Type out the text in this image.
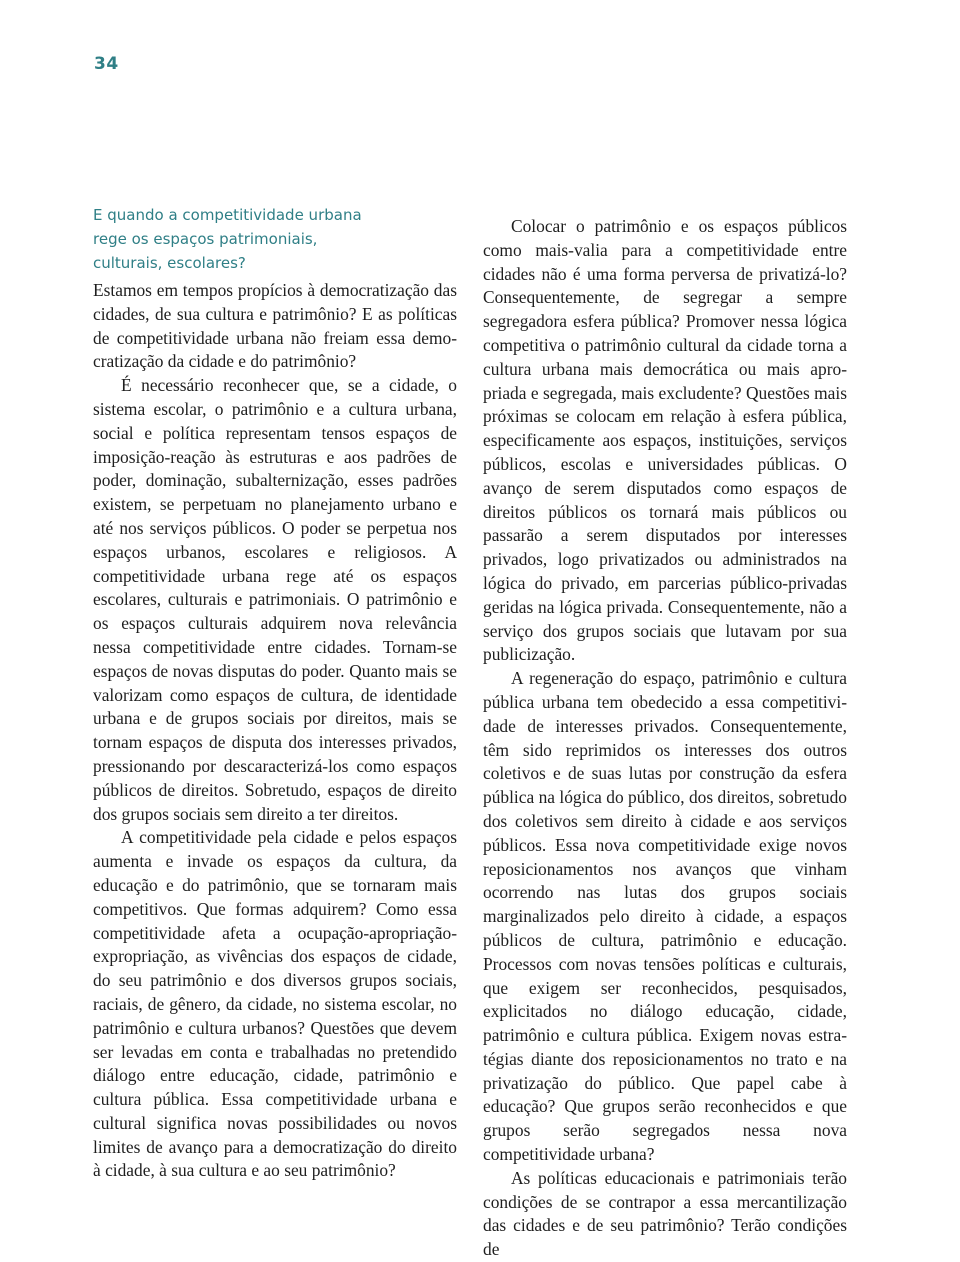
34
E quando a competitividade urbana rege os espaços patrimoniais, culturais, escolares?

Estamos em tempos propícios à democratização das cidades, de sua cultura e patrimônio? E as políticas de competitividade urbana não freiam essa democratização da cidade e do patrimônio?

É necessário reconhecer que, se a cidade, o sistema escolar, o patrimônio e a cultura urbana, social e política representam tensos espaços de imposição-reação às estruturas e aos padrões de poder, dominação, subalternização, esses padrões existem, se perpetuam no planejamento urbano e até nos serviços públicos. O poder se perpetua nos espaços urbanos, escolares e religiosos. A competitividade urbana rege até os espaços escolares, culturais e patrimoniais. O patrimônio e os espaços culturais adquirem nova relevância nessa competitividade entre cidades. Tornam-se espaços de novas disputas do poder. Quanto mais se valorizam como espaços de cultura, de identidade urbana e de grupos sociais por direitos, mais se tornam espaços de disputa dos interesses privados, pressionando por descaracterizá-los como espaços públicos de direitos. Sobretudo, espaços de direito dos grupos sociais sem direito a ter direitos.

A competitividade pela cidade e pelos espaços aumenta e invade os espaços da cultura, da educação e do patrimônio, que se tornaram mais competitivos. Que formas adquirem? Como essa competitividade afeta a ocupação-apropriação-expropriação, as vivências dos espaços de cidade, do seu patrimônio e dos diversos grupos sociais, raciais, de gênero, da cidade, no sistema escolar, no patrimônio e cultura urbanos? Questões que devem ser levadas em conta e trabalhadas no pretendido diálogo entre educação, cidade, patrimônio e cultura pública. Essa competitividade urbana e cultural significa novas possibilidades ou novos limites de avanço para a democratização do direito à cidade, à sua cultura e ao seu patrimônio?

Colocar o patrimônio e os espaços públicos como mais-valia para a competitividade entre cidades não é uma forma perversa de privatizá-lo? Consequentemente, de segregar a sempre segregadora esfera pública? Promover nessa lógica competitiva o patrimônio cultural da cidade torna a cultura urbana mais democrática ou mais apropriada e segregada, mais excludente? Questões mais próximas se colocam em relação à esfera pública, especificamente aos espaços, instituições, serviços públicos, escolas e universidades públicas. O avanço de serem disputados como espaços de direitos públicos os tornará mais públicos ou passarão a serem disputados por interesses privados, logo privatizados ou administrados na lógica do privado, em parcerias público-privadas geridas na lógica privada. Consequentemente, não a serviço dos grupos sociais que lutavam por sua publicização.

A regeneração do espaço, patrimônio e cultura pública urbana tem obedecido a essa competitividade de interesses privados. Consequentemente, têm sido reprimidos os interesses dos outros coletivos e de suas lutas por construção da esfera pública na lógica do público, dos direitos, sobretudo dos coletivos sem direito à cidade e aos serviços públicos. Essa nova competitividade exige novos reposicionamentos nos avanços que vinham ocorrendo nas lutas dos grupos sociais marginalizados pelo direito à cidade, a espaços públicos de cultura, patrimônio e educação. Processos com novas tensões políticas e culturais, que exigem ser reconhecidos, pesquisados, explicitados no diálogo educação, cidade, patrimônio e cultura pública. Exigem novas estratégias diante dos reposicionamentos no trato e na privatização do público. Que papel cabe à educação? Que grupos serão reconhecidos e que grupos serão segregados nessa nova competitividade urbana?

As políticas educacionais e patrimoniais terão condições de se contrapor a essa mercantilização das cidades e de seu patrimônio? Terão condições de
